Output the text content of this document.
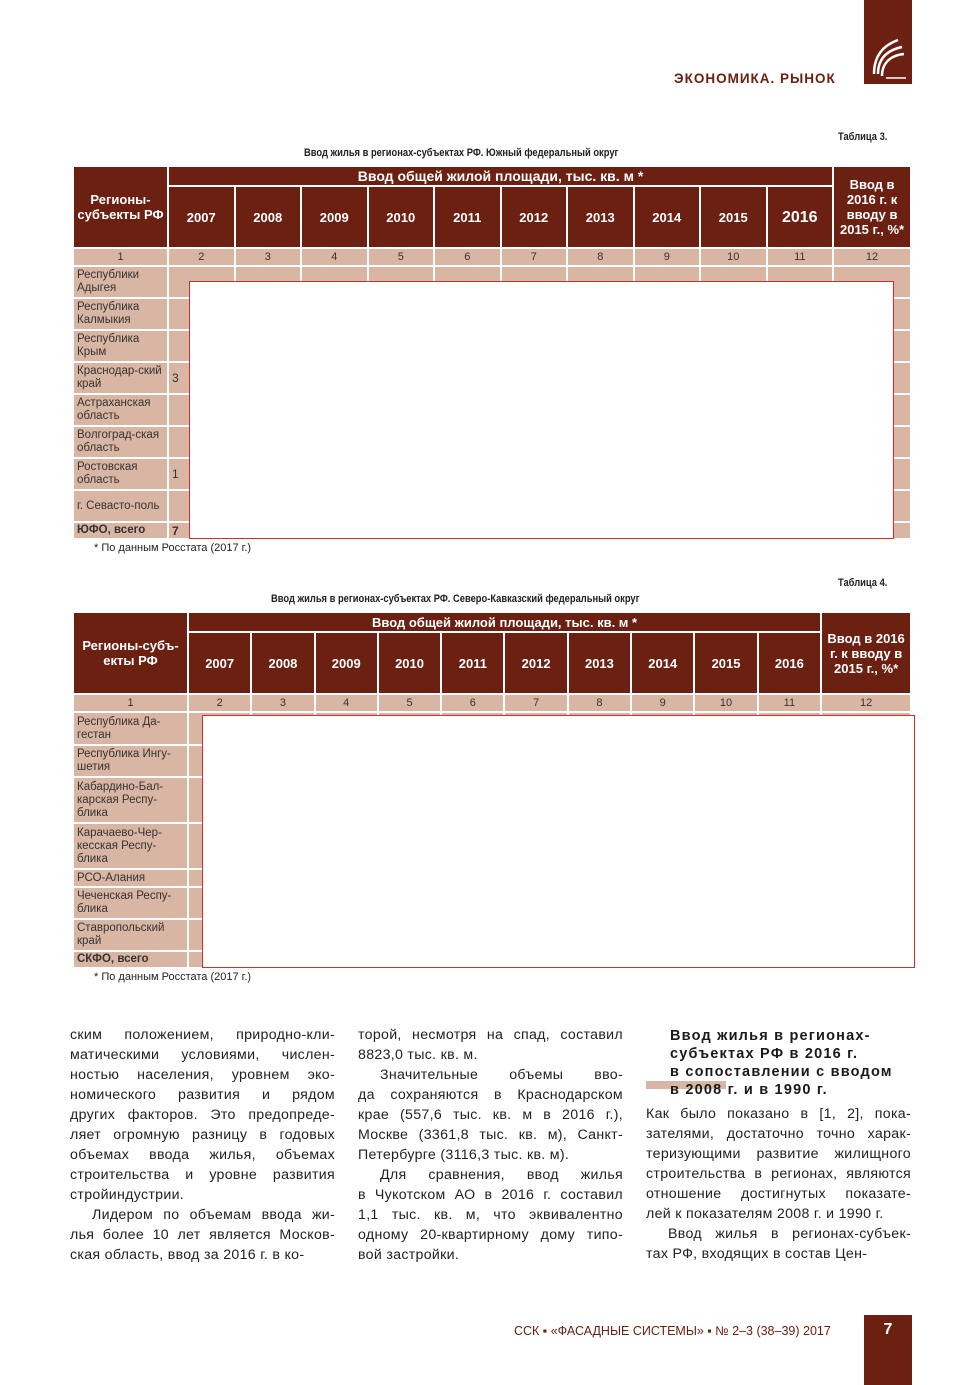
ЭКОНОМИКА. РЫНОК
Таблица 3.
Ввод жилья в регионах-субъектах РФ. Южный федеральный округ
Регионы-субъекты РФ	Ввод общей жилой площади, тыс. кв. м *										Ввод в 2016 г. к вводу в 2015 г., %*
	2007	2008	2009	2010	2011	2012	2013	2014	2015	2016	
1	2	3	4	5	6	7	8	9	10	11	12
Республики Адыгея											
Республика Калмыкия											
Республика Крым											
Краснодар-ский край	3										
Астраханская область											
Волгоград-ская область											
Ростовская область	1										
г. Севасто-поль											
ЮФО, всего	7										
* По данным Росстата (2017 г.)
Таблица 4.
Ввод жилья в регионах-субъектах РФ. Северо-Кавказский федеральный округ
Регионы-субъ-екты РФ	Ввод общей жилой площади, тыс. кв. м *										Ввод в 2016 г. к вводу в 2015 г., %*
	2007	2008	2009	2010	2011	2012	2013	2014	2015	2016	
1	2	3	4	5	6	7	8	9	10	11	12
Республика Да-гестан											
Республика Ингу-шетия											
Кабардино-Бал-карская Респу-блика											
Карачаево-Чер-кесская Респу-блика											
РСО-Алания											
Чеченская Респу-блика											
Ставропольский край											
СКФО, всего											
* По данным Росстата (2017 г.)
ским положением, природно-кли-
матическими условиями, числен-
ностью населения, уровнем эко-
номического развития и рядом
других факторов. Это предопреде-
ляет огромную разницу в годовых
объемах ввода жилья, объемах
строительства и уровне развития
стройиндустрии.
Лидером по объемам ввода жи-
лья более 10 лет является Москов-
ская область, ввод за 2016 г. в ко-
торой, несмотря на спад, составил
8823,0 тыс. кв. м.
Значительные объемы вво-
да сохраняются в Краснодарском
крае (557,6 тыс. кв. м в 2016 г.),
Москве (3361,8 тыс. кв. м), Санкт-
Петербурге (3116,3 тыс. кв. м).
Для сравнения, ввод жилья
в Чукотском АО в 2016 г. составил
1,1 тыс. кв. м, что эквивалентно
одному 20-квартирному дому типо-
вой застройки.
Ввод жилья в регионах-
субъектах РФ в 2016 г.
в сопоставлении с вводом
в 2008 г. и в 1990 г.
Как было показано в [1, 2], пока-
зателями, достаточно точно харак-
теризующими развитие жилищного
строительства в регионах, являются
отношение достигнутых показате-
лей к показателям 2008 г. и 1990 г.
Ввод жилья в регионах-субъек-
тах РФ, входящих в состав Цен-
ССК ▪ «ФАСАДНЫЕ СИСТЕМЫ» ▪ № 2–3 (38–39) 2017	7
